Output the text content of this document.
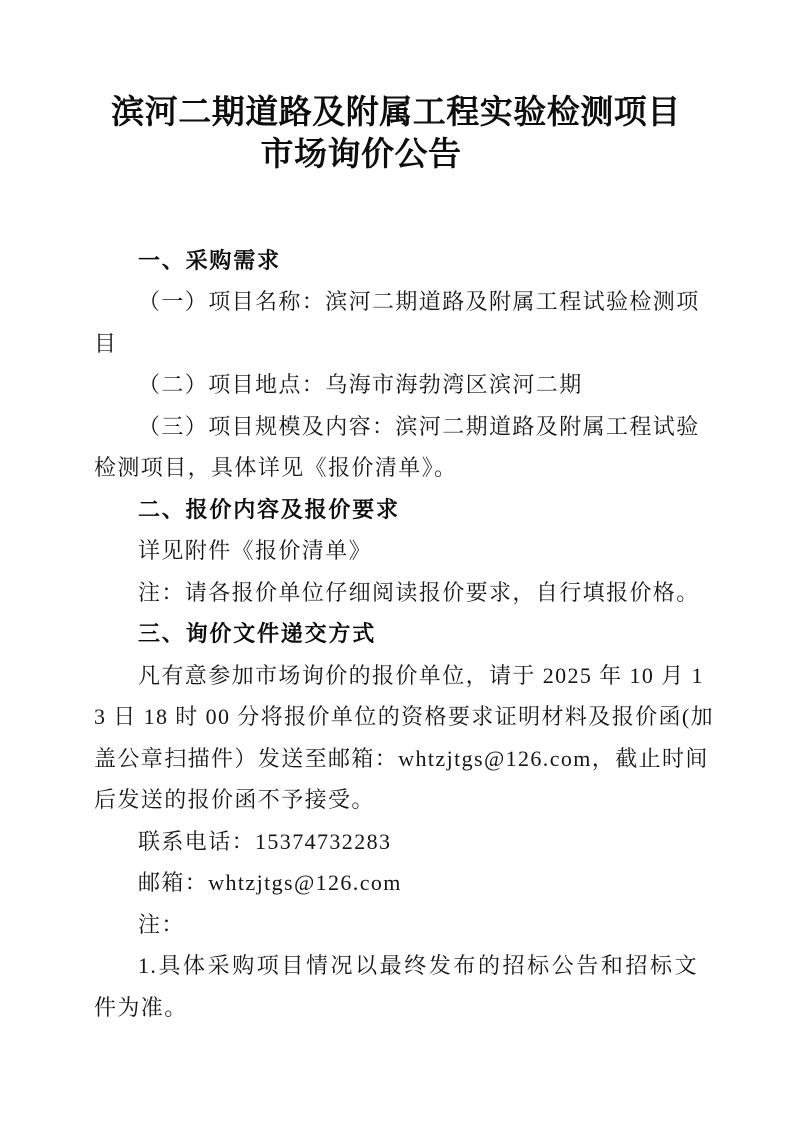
滨河二期道路及附属工程实验检测项目
市场询价公告
一、采购需求
（一）项目名称：滨河二期道路及附属工程试验检测项
目
（二）项目地点：乌海市海勃湾区滨河二期
（三）项目规模及内容：滨河二期道路及附属工程试验
检测项目，具体详见《报价清单》。
二、报价内容及报价要求
详见附件《报价清单》
注：请各报价单位仔细阅读报价要求，自行填报价格。
三、询价文件递交方式
凡有意参加市场询价的报价单位，请于 2025 年 10 月 1
3 日 18 时 00 分将报价单位的资格要求证明材料及报价函(加
盖公章扫描件）发送至邮箱：whtzjtgs@126.com，截止时间
后发送的报价函不予接受。
联系电话：15374732283
邮箱：whtzjtgs@126.com
注：
1.具体采购项目情况以最终发布的招标公告和招标文
件为准。
